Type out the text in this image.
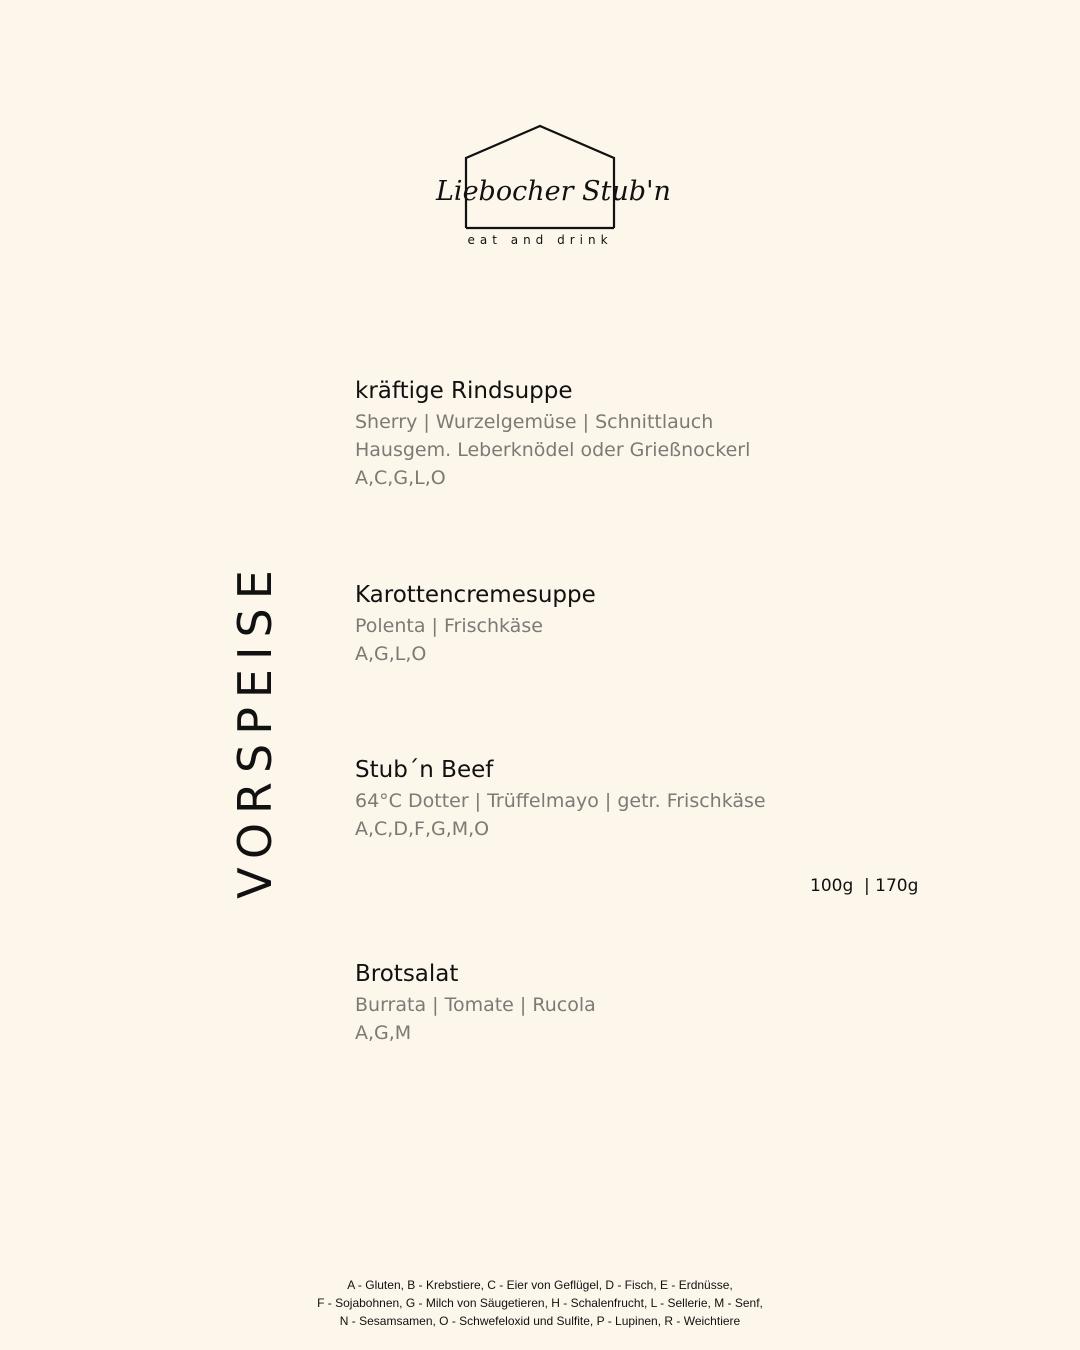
Liebocher Stub'n
eat and drink
VORSPEISE
kräftige Rindsuppe
Sherry | Wurzelgemüse | Schnittlauch
Hausgem. Leberknödel oder Grießnockerl
A,C,G,L,O
Karottencremesuppe
Polenta | Frischkäse
A,G,L,O
Stub´n Beef
64°C Dotter | Trüffelmayo | getr. Frischkäse
A,C,D,F,G,M,O
100g  | 170g
Brotsalat
Burrata | Tomate | Rucola
A,G,M
A - Gluten, B - Krebstiere, C - Eier von Geflügel, D - Fisch, E - Erdnüsse,
F - Sojabohnen, G - Milch von Säugetieren, H - Schalenfrucht, L - Sellerie, M - Senf,
N - Sesamsamen, O - Schwefeloxid und Sulfite, P - Lupinen, R - Weichtiere
